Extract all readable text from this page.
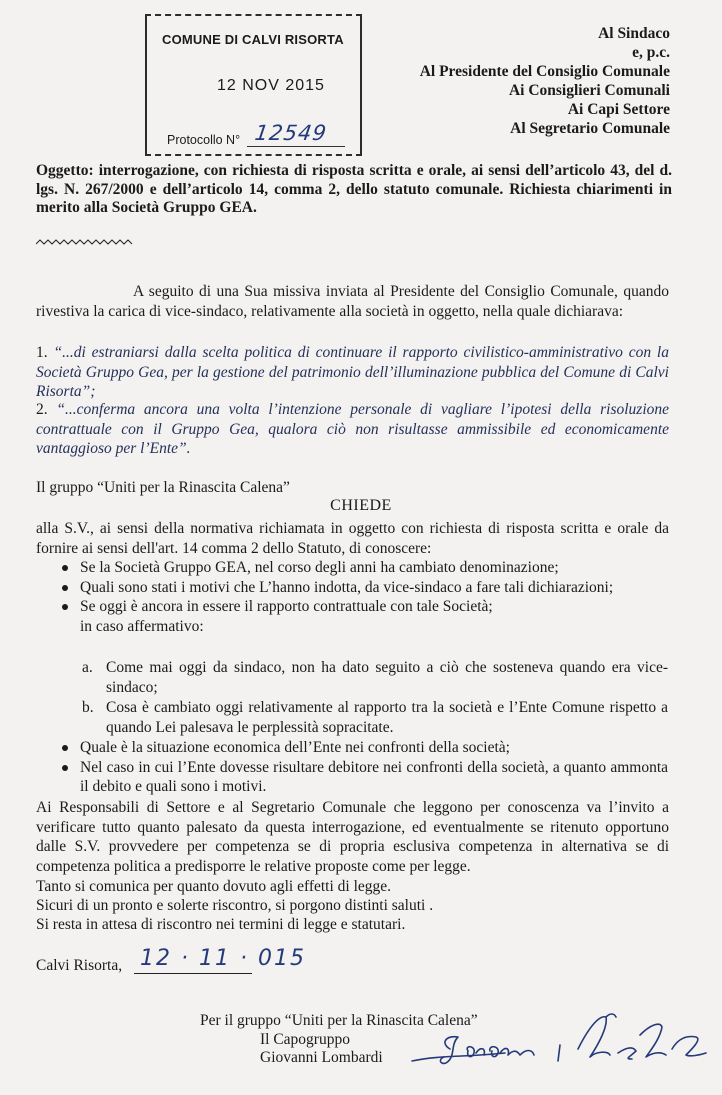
COMUNE DI CALVI RISORTA
12 NOV 2015
Protocollo N° 12549
Al Sindaco
e, p.c.
Al Presidente del Consiglio Comunale
Ai Consiglieri Comunali
Ai Capi Settore
Al Segretario Comunale
Oggetto: interrogazione, con richiesta di risposta scritta e orale, ai sensi dell’articolo 43, del d. lgs. N. 267/2000 e dell’articolo 14, comma 2, dello statuto comunale. Richiesta chiarimenti in merito alla Società Gruppo GEA.
A seguito di una Sua missiva inviata al Presidente del Consiglio Comunale, quando rivestiva la carica di vice-sindaco, relativamente alla società in oggetto, nella quale dichiarava:
1. “...di estraniarsi dalla scelta politica di continuare il rapporto civilistico-amministrativo con la Società Gruppo Gea, per la gestione del patrimonio dell’illuminazione pubblica del Comune di Calvi Risorta”;
2. “...conferma ancora una volta l’intenzione personale di vagliare l’ipotesi della risoluzione contrattuale con il Gruppo Gea, qualora ciò non risultasse ammissibile ed economicamente vantaggioso per l’Ente”.
Il gruppo “Uniti per la Rinascita Calena”
CHIEDE
alla S.V., ai sensi della normativa richiamata in oggetto con richiesta di risposta scritta e orale da fornire ai sensi dell'art. 14 comma 2 dello Statuto, di conoscere:
Se la Società Gruppo GEA, nel corso degli anni ha cambiato denominazione;
Quali sono stati i motivi che L’hanno indotta, da vice-sindaco a fare tali dichiarazioni;
Se oggi è ancora in essere il rapporto contrattuale con tale Società;
in caso affermativo:
a. Come mai oggi da sindaco, non ha dato seguito a ciò che sosteneva quando era vice-sindaco;
b. Cosa è cambiato oggi relativamente al rapporto tra la società e l’Ente Comune rispetto a quando Lei palesava le perplessità sopracitate.
Quale è la situazione economica dell’Ente nei confronti della società;
Nel caso in cui l’Ente dovesse risultare debitore nei confronti della società, a quanto ammonta il debito e quali sono i motivi.
Ai Responsabili di Settore e al Segretario Comunale che leggono per conoscenza va l’invito a verificare tutto quanto palesato da questa interrogazione, ed eventualmente se ritenuto opportuno dalle S.V. provvedere per competenza se di propria esclusiva competenza in alternativa se di competenza politica a predisporre le relative proposte come per legge.
Tanto si comunica per quanto dovuto agli effetti di legge.
Sicuri di un pronto e solerte riscontro, si porgono distinti saluti .
Si resta in attesa di riscontro nei termini di legge e statutari.
Calvi Risorta, 12 · 11 · 015
Per il gruppo “Uniti per la Rinascita Calena”
Il Capogruppo
Giovanni Lombardi
